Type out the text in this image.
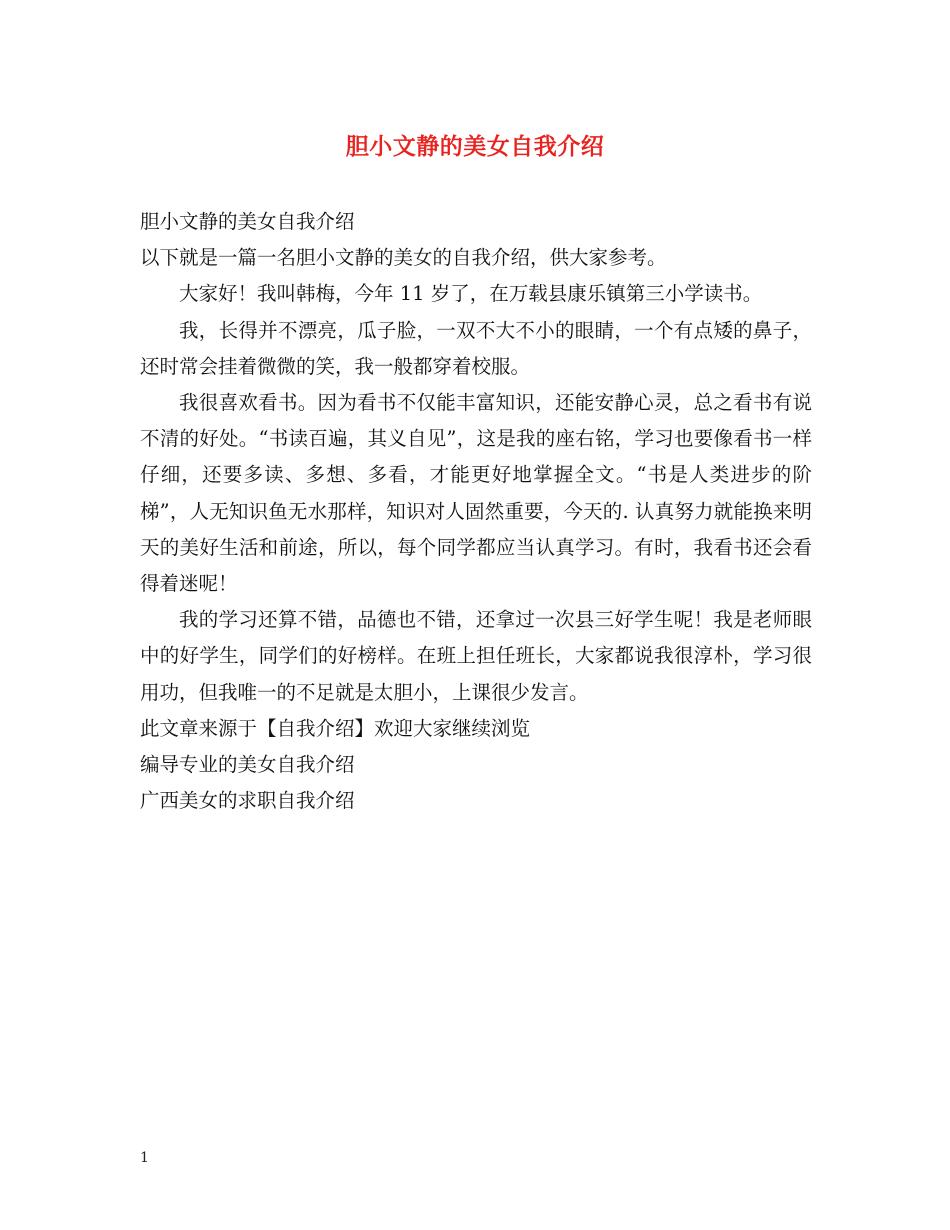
胆小文静的美女自我介绍

胆小文静的美女自我介绍

以下就是一篇一名胆小文静的美女的自我介绍，供大家参考。

大家好！我叫韩梅，今年 11 岁了，在万载县康乐镇第三小学读书。

我，长得并不漂亮，瓜子脸，一双不大不小的眼睛，一个有点矮的鼻子，还时常会挂着微微的笑，我一般都穿着校服。

我很喜欢看书。因为看书不仅能丰富知识，还能安静心灵，总之看书有说不清的好处。“书读百遍，其义自见”，这是我的座右铭，学习也要像看书一样仔细，还要多读、多想、多看，才能更好地掌握全文。“书是人类进步的阶梯”，人无知识鱼无水那样，知识对人固然重要，今天的. 认真努力就能换来明天的美好生活和前途，所以，每个同学都应当认真学习。有时，我看书还会看得着迷呢！

我的学习还算不错，品德也不错，还拿过一次县三好学生呢！我是老师眼中的好学生，同学们的好榜样。在班上担任班长，大家都说我很淳朴，学习很用功，但我唯一的不足就是太胆小，上课很少发言。

此文章来源于【自我介绍】欢迎大家继续浏览

编导专业的美女自我介绍

广西美女的求职自我介绍

1
